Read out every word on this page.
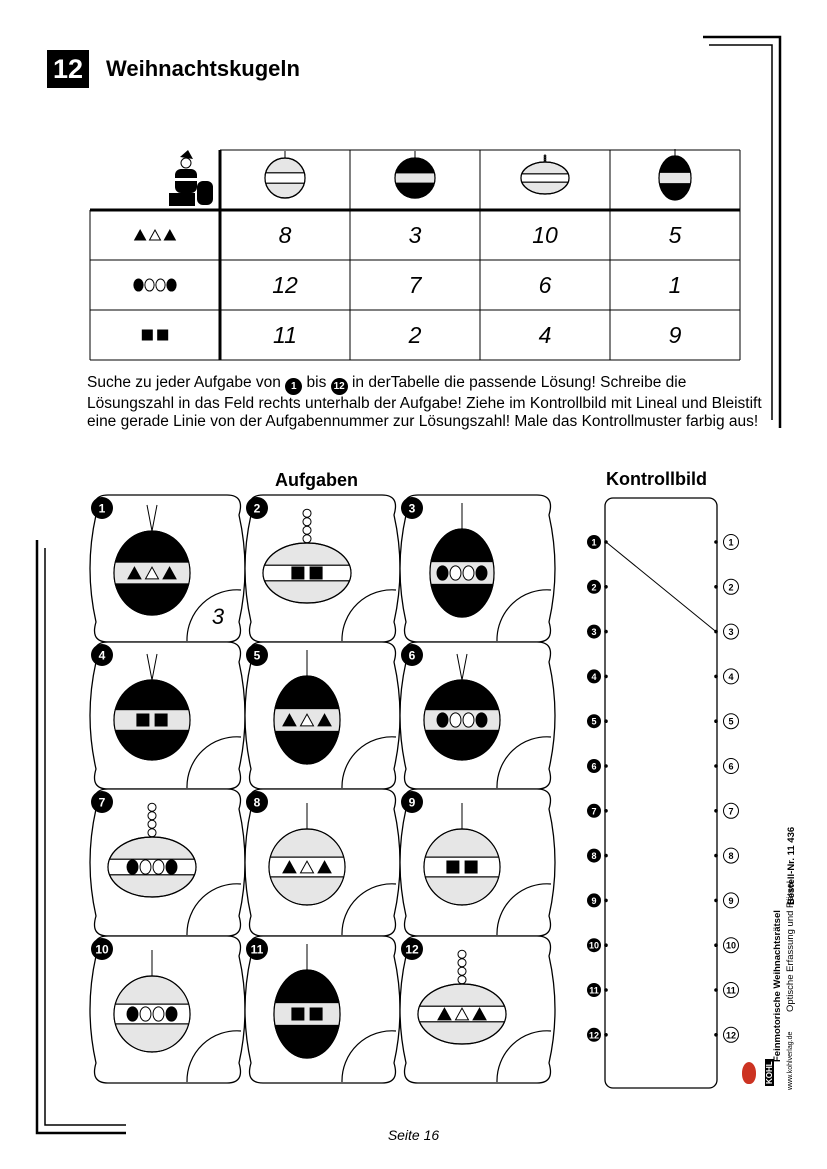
12 Weihnachtskugeln
8	3	10	5
12	7	6	1
11	2	4	9

Suche zu jeder Aufgabe von 1 bis 12 in derTabelle die passende Lösung! Schreibe die Lösungszahl in das Feld rechts unterhalb der Aufgabe! Ziehe im Kontrollbild mit Lineal und Bleistift eine gerade Linie von der Aufgabennummer zur Lösungszahl! Male das Kontrollmuster farbig aus!

Aufgaben	Kontrollbild
3
1	2	3
4	5	6
7	8	9
10	11	12
1
2
3
4
5
6
7
8
9
10
11
12
1
2
3
4
5
6
7
8
9
10
11
12
KOHL
Feinmotorische Weihnachtsrätsel Optische Erfassung und Rätsel
Bestell-Nr. 11 436
www.kohlverlag.de
Seite 16
